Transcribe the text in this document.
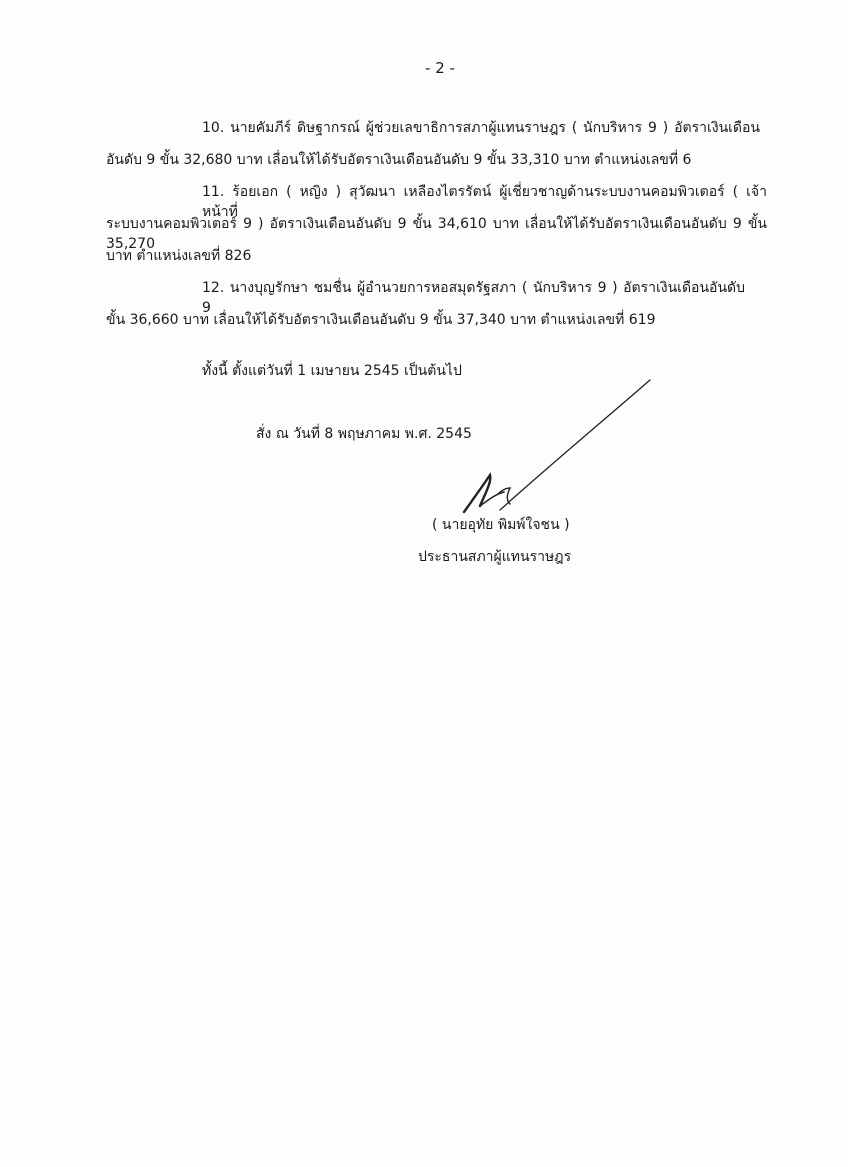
- 2 -
10. นายคัมภีร์ ดิษฐากรณ์ ผู้ช่วยเลขาธิการสภาผู้แทนราษฎร ( นักบริหาร 9 ) อัตราเงินเดือน
อันดับ 9 ขั้น 32,680 บาท เลื่อนให้ได้รับอัตราเงินเดือนอันดับ 9 ขั้น 33,310 บาท ตำแหน่งเลขที่ 6
11. ร้อยเอก ( หญิง ) สุวัฒนา เหลืองไตรรัตน์ ผู้เชี่ยวชาญด้านระบบงานคอมพิวเตอร์ ( เจ้าหน้าที่
ระบบงานคอมพิวเตอร์ 9 ) อัตราเงินเดือนอันดับ 9 ขั้น 34,610 บาท เลื่อนให้ได้รับอัตราเงินเดือนอันดับ 9 ขั้น 35,270
บาท ตำแหน่งเลขที่ 826
12. นางบุญรักษา ชมชื่น ผู้อำนวยการหอสมุดรัฐสภา ( นักบริหาร 9 ) อัตราเงินเดือนอันดับ 9
ขั้น 36,660 บาท เลื่อนให้ได้รับอัตราเงินเดือนอันดับ 9 ขั้น 37,340 บาท ตำแหน่งเลขที่ 619
ทั้งนี้ ตั้งแต่วันที่ 1 เมษายน 2545 เป็นต้นไป
สั่ง ณ วันที่ 8 พฤษภาคม พ.ศ. 2545
( นายอุทัย พิมพ์ใจชน )
ประธานสภาผู้แทนราษฎร
